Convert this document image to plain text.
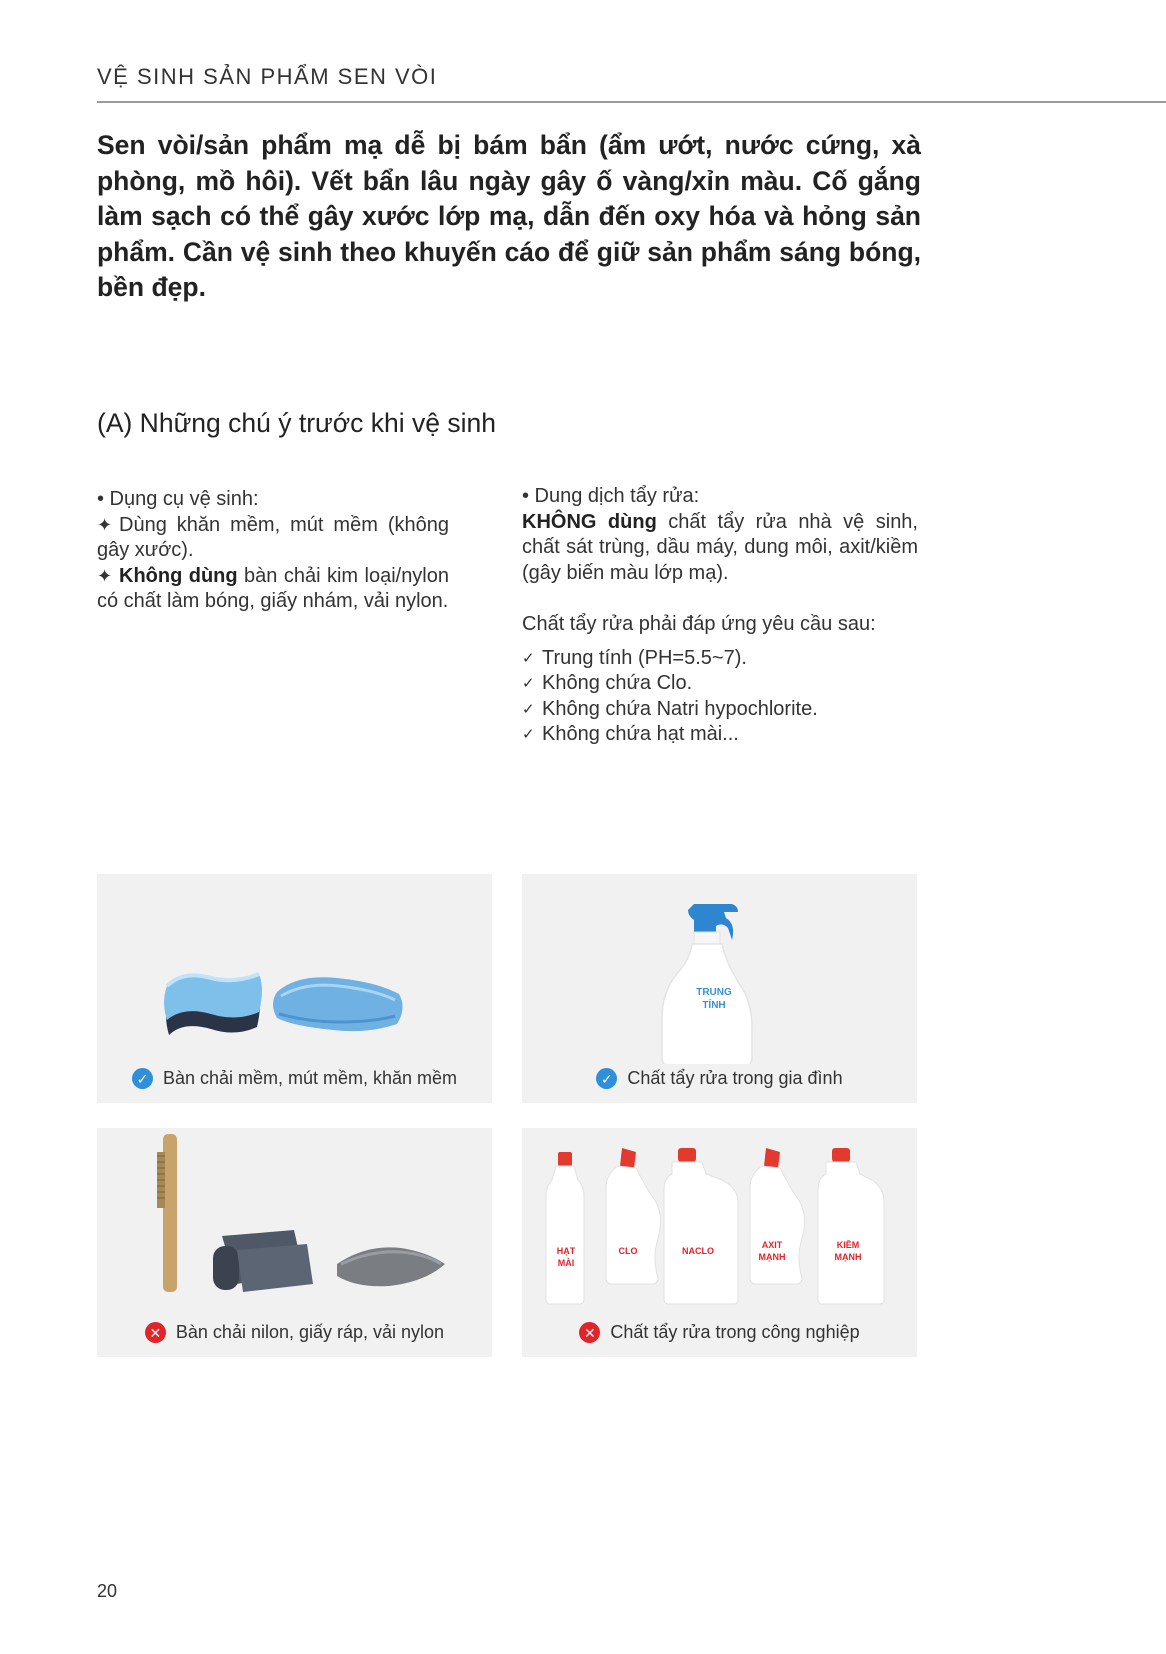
VỆ SINH SẢN PHẨM SEN VÒI
Sen vòi/sản phẩm mạ dễ bị bám bẩn (ẩm ướt, nước cứng, xà phòng, mồ hôi). Vết bẩn lâu ngày gây ố vàng/xỉn màu. Cố gắng làm sạch có thể gây xước lớp mạ, dẫn đến oxy hóa và hỏng sản phẩm. Cần vệ sinh theo khuyến cáo để giữ sản phẩm sáng bóng, bền đẹp.
(A) Những chú ý trước khi vệ sinh
• Dụng cụ vệ sinh:
✦ Dùng khăn mềm, mút mềm (không gây xước).
✦ Không dùng bàn chải kim loại/nylon có chất làm bóng, giấy nhám, vải nylon.
• Dung dịch tẩy rửa:
KHÔNG dùng chất tẩy rửa nhà vệ sinh, chất sát trùng, dầu máy, dung môi, axit/kiềm (gây biến màu lớp mạ).
Chất tẩy rửa phải đáp ứng yêu cầu sau:
✓ Trung tính (PH=5.5~7).
✓ Không chứa Clo.
✓ Không chứa Natri hypochlorite.
✓ Không chứa hạt mài...
✓ Bàn chải mềm, mút mềm, khăn mềm
TRUNG
TÍNH
✓ Chất tẩy rửa trong gia đình
✕ Bàn chải nilon, giấy ráp, vải nylon
HẠT
MÀI
CLO	NACLO
AXIT
MẠNH
KIỀM
MẠNH
✕ Chất tẩy rửa trong công nghiệp
20
